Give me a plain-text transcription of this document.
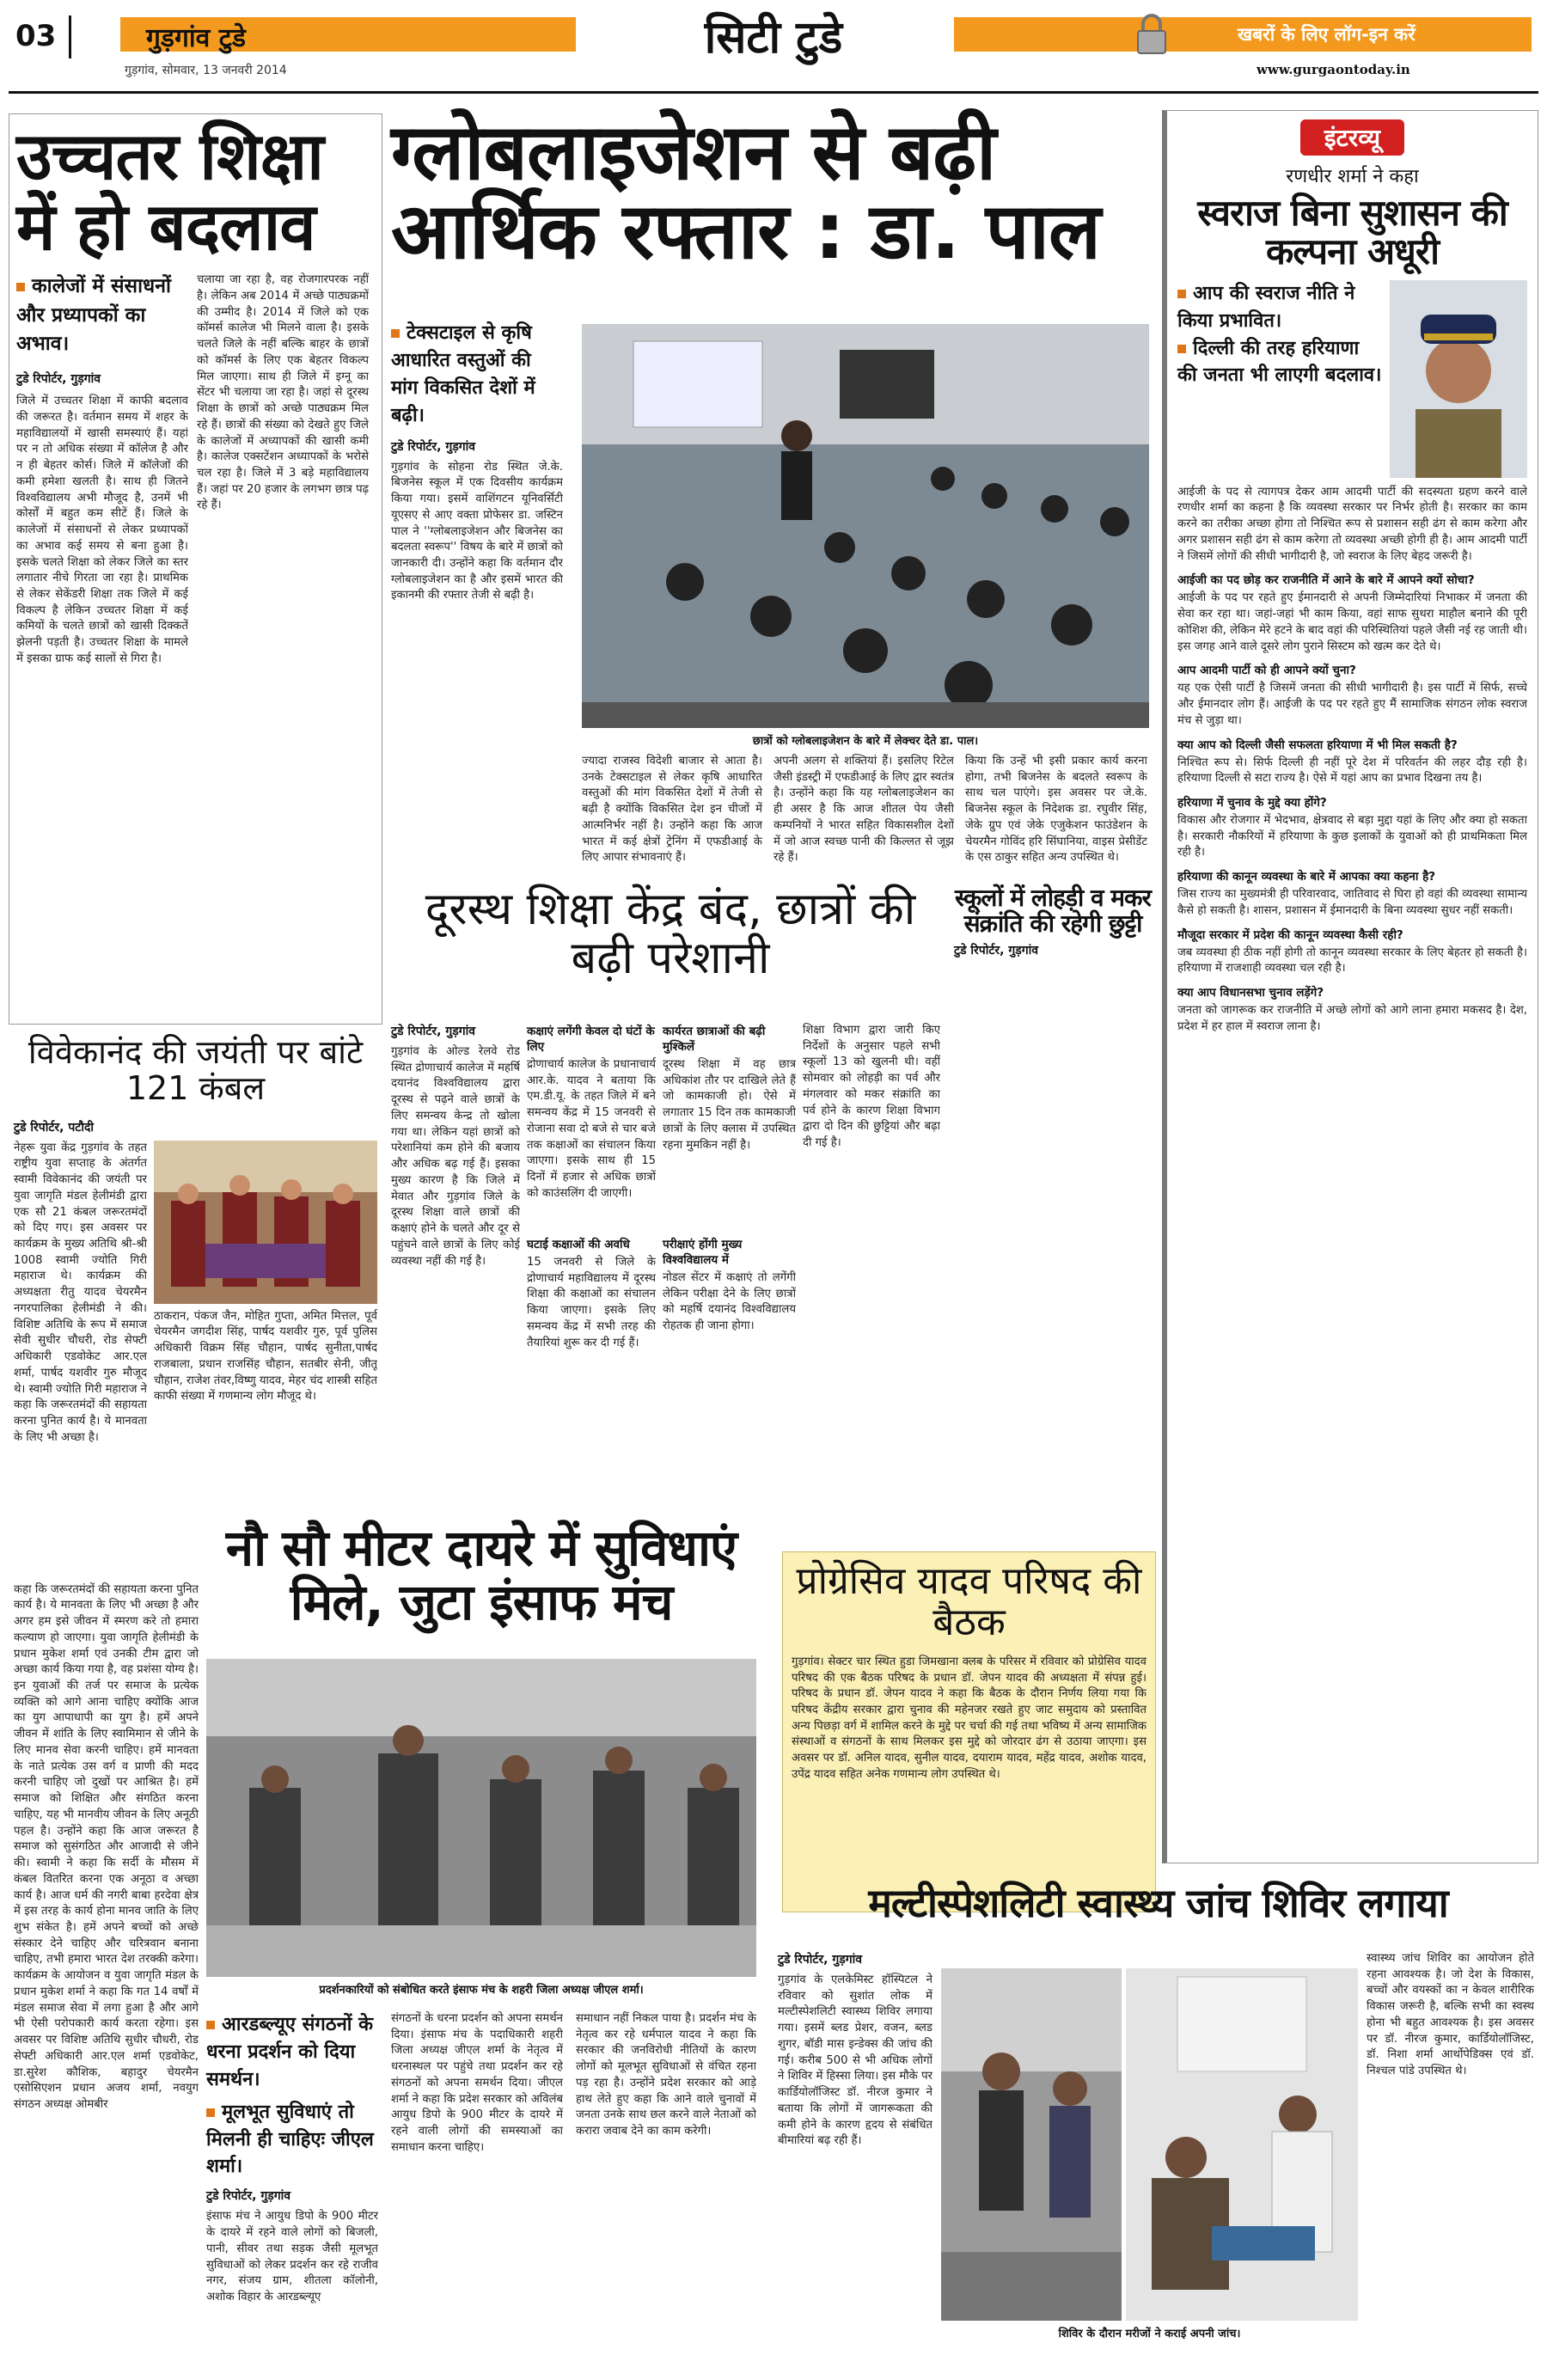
03	गुड़गांव टुडे
गुड़गांव, सोमवार, 13 जनवरी 2014
सिटी टुडे	खबरों के लिए लॉग-इन करें
www.gurgaontoday.in
उच्चतर शिक्षा में हो बदलाव
कालेजों में संसाधनों और प्रध्यापकों का अभाव।
टुडे रिपोर्टर, गुड़गांव
जिले में उच्चतर शिक्षा में काफी बदलाव की जरूरत है। वर्तमान समय में शहर के महाविद्यालयों में खासी समस्याएं हैं। यहां पर न तो अधिक संख्या में कॉलेज है और न ही बेहतर कोर्स। जिले में कॉलेजों की कमी हमेशा खलती है। साथ ही जितने विश्वविद्यालय अभी मौजूद है, उनमें भी कोर्सों में बहुत कम सीटें हैं। जिले के कालेजों में संसाधनों से लेकर प्रध्यापकों का अभाव कई समय से बना हुआ है। इसके चलते शिक्षा को लेकर जिले का स्तर लगातार नीचे गिरता जा रहा है। प्राथमिक से लेकर सेकेंडरी शिक्षा तक जिले में कई विकल्प है लेकिन उच्चतर शिक्षा में कई कमियों के चलते छात्रों को खासी दिक्कतें झेलनी पड़ती है। उच्चतर शिक्षा के मामले में इसका ग्राफ कई सालों से गिरा है।
चलाया जा रहा है, वह रोजगारपरक नहीं है। लेकिन अब 2014 में अच्छे पाठ्यक्रमों की उम्मीद है। 2014 में जिले को एक कॉमर्स कालेज भी मिलने वाला है। इसके चलते जिले के नहीं बल्कि बाहर के छात्रों को कॉमर्स के लिए एक बेहतर विकल्प मिल जाएगा। साथ ही जिले में इग्नू का सेंटर भी चलाया जा रहा है। जहां से दूरस्थ शिक्षा के छात्रों को अच्छे पाठ्यक्रम मिल रहे हैं। छात्रों की संख्या को देखते हुए जिले के कालेजों में अध्यापकों की खासी कमी है। कालेज एक्सटेंशन अध्यापकों के भरोसे चल रहा है। जिले में 3 बड़े महाविद्यालय हैं। जहां पर 20 हजार के लगभग छात्र पढ़ रहे हैं।
ग्लोबलाइजेशन से बढ़ी आर्थिक रफ्तार : डा. पाल
टेक्सटाइल से कृषि आधारित वस्तुओं की मांग विकसित देशों में बढ़ी।
टुडे रिपोर्टर, गुड़गांव
गुड़गांव के सोहना रोड स्थित जे.के. बिजनेस स्कूल में एक दिवसीय कार्यक्रम किया गया। इसमें वाशिंगटन यूनिवर्सिटी यूएसए से आए वक्ता प्रोफेसर डा. जस्टिन पाल ने ''ग्लोबलाइजेशन और बिजनेस का बदलता स्वरूप'' विषय के बारे में छात्रों को जानकारी दी। उन्होंने कहा कि वर्तमान दौर ग्लोबलाइजेशन का है और इसमें भारत की इकानमी की रफ्तार तेजी से बढ़ी है।
छात्रों को ग्लोबलाइजेशन के बारे में लेक्चर देते डा. पाल।
ज्यादा राजस्व विदेशी बाजार से आता है। उनके टेक्सटाइल से लेकर कृषि आधारित वस्तुओं की मांग विकसित देशों में तेजी से बढ़ी है क्योंकि विकसित देश इन चीजों में आत्मनिर्भर नहीं है। उन्होंने कहा कि आज भारत में कई क्षेत्रों ट्रेनिंग में एफडीआई के लिए आपार संभावनाएं हैं।
अपनी अलग से शक्तियां हैं। इसलिए रिटेल जैसी इंडस्ट्री में एफडीआई के लिए द्वार स्वतंत्र है। उन्होंने कहा कि यह ग्लोबलाइजेशन का ही असर है कि आज शीतल पेय जैसी कम्पनियों ने भारत सहित विकासशील देशों में जो आज स्वच्छ पानी की किल्लत से जूझ रहे हैं।
किया कि उन्हें भी इसी प्रकार कार्य करना होगा, तभी बिजनेस के बदलते स्वरूप के साथ चल पाएंगे। इस अवसर पर जे.के. बिजनेस स्कूल के निदेशक डा. रघुवीर सिंह, जेके ग्रुप एवं जेके एजुकेशन फाउंडेशन के चेयरमैन गोविंद हरि सिंघानिया, वाइस प्रेसीडेंट के एस ठाकुर सहित अन्य उपस्थित थे।
इंटरव्यू
रणधीर शर्मा ने कहा
स्वराज बिना सुशासन की कल्पना अधूरी
आप की स्वराज नीति ने किया प्रभावित।
दिल्ली की तरह हरियाणा की जनता भी लाएगी बदलाव।
आईजी के पद से त्यागपत्र देकर आम आदमी पार्टी की सदस्यता ग्रहण करने वाले रणधीर शर्मा का कहना है कि व्यवस्था सरकार पर निर्भर होती है। सरकार का काम करने का तरीका अच्छा होगा तो निश्चित रूप से प्रशासन सही ढंग से काम करेगा और अगर प्रशासन सही ढंग से काम करेगा तो व्यवस्था अच्छी होगी ही है। आम आदमी पार्टी ने जिसमें लोगों की सीधी भागीदारी है, जो स्वराज के लिए बेहद जरूरी है।
आईजी का पद छोड़ कर राजनीति में आने के बारे में आपने क्यों सोचा?
आईजी के पद पर रहते हुए ईमानदारी से अपनी जिम्मेदारियां निभाकर में जनता की सेवा कर रहा था। जहां-जहां भी काम किया, वहां साफ सुथरा माहौल बनाने की पूरी कोशिश की, लेकिन मेरे हटने के बाद वहां की परिस्थितियां पहले जैसी नई रह जाती थी। इस जगह आने वाले दूसरे लोग पुराने सिस्टम को खत्म कर देते थे।
आप आदमी पार्टी को ही आपने क्यों चुना?
यह एक ऐसी पार्टी है जिसमें जनता की सीधी भागीदारी है। इस पार्टी में सिर्फ, सच्चे और ईमानदार लोग हैं। आईजी के पद पर रहते हुए मैं सामाजिक संगठन लोक स्वराज मंच से जुड़ा था।
क्या आप को दिल्ली जैसी सफलता हरियाणा में भी मिल सकती है?
निश्चित रूप से। सिर्फ दिल्ली ही नहीं पूरे देश में परिवर्तन की लहर दौड़ रही है। हरियाणा दिल्ली से सटा राज्य है। ऐसे में यहां आप का प्रभाव दिखना तय है।
हरियाणा में चुनाव के मुद्दे क्या होंगे?
विकास और रोजगार में भेदभाव, क्षेत्रवाद से बड़ा मुद्दा यहां के लिए और क्या हो सकता है। सरकारी नौकरियों में हरियाणा के कुछ इलाकों के युवाओं को ही प्राथमिकता मिल रही है।
हरियाणा की कानून व्यवस्था के बारे में आपका क्या कहना है?
जिस राज्य का मुख्यमंत्री ही परिवारवाद, जातिवाद से घिरा हो वहां की व्यवस्था सामान्य कैसे हो सकती है। शासन, प्रशासन में ईमानदारी के बिना व्यवस्था सुधर नहीं सकती।
मौजूदा सरकार में प्रदेश की कानून व्यवस्था कैसी रही?
जब व्यवस्था ही ठीक नहीं होगी तो कानून व्यवस्था सरकार के लिए बेहतर हो सकती है। हरियाणा में राजशाही व्यवस्था चल रही है।
क्या आप विधानसभा चुनाव लड़ेंगे?
जनता को जागरूक कर राजनीति में अच्छे लोगों को आगे लाना हमारा मकसद है। देश, प्रदेश में हर हाल में स्वराज लाना है।
विवेकानंद की जयंती पर बांटे 121 कंबल
टुडे रिपोर्टर, पटौदी
नेहरू युवा केंद्र गुड़गांव के तहत राष्ट्रीय युवा सप्ताह के अंतर्गत स्वामी विवेकानंद की जयंती पर युवा जागृति मंडल हेलीमंडी द्वारा एक सौ 21 कंबल जरूरतमंदों को दिए गए। इस अवसर पर कार्यक्रम के मुख्य अतिथि श्री-श्री 1008 स्वामी ज्योति गिरी महाराज थे। कार्यक्रम की अध्यक्षता रीतु यादव चेयरमैन नगरपालिका हेलीमंडी ने की। विशिष्ट अतिथि के रूप में समाज सेवी सुधीर चौधरी, रोड सेफ्टी अधिकारी एडवोकेट आर.एल शर्मा, पार्षद यशवीर गुरु मौजूद थे। स्वामी ज्योति गिरी महाराज ने कहा कि जरूरतमंदों की सहायता करना पुनित कार्य है। ये मानवता के लिए भी अच्छा है।
ठाकरान, पंकज जैन, मोहित गुप्ता, अमित मित्तल, पूर्व चेयरमैन जगदीश सिंह, पार्षद यशवीर गुरु, पूर्व पुलिस अधिकारी विक्रम सिंह चौहान, पार्षद सुनीता,पार्षद राजबाला, प्रधान राजसिंह चौहान, सतबीर सेनी, जीतू चौहान, राजेश तंवर,विष्णु यादव, मेहर चंद शास्त्री सहित काफी संख्या में गणमान्य लोग मौजूद थे।
कहा कि जरूरतमंदों की सहायता करना पुनित कार्य है। ये मानवता के लिए भी अच्छा है और अगर हम इसे जीवन में स्मरण करे तो हमारा कल्याण हो जाएगा। युवा जागृति हेलीमंडी के प्रधान मुकेश शर्मा एवं उनकी टीम द्वारा जो अच्छा कार्य किया गया है, वह प्रशंसा योग्य है। इन युवाओं की तर्ज पर समाज के प्रत्येक व्यक्ति को आगे आना चाहिए क्योंकि आज का युग आपाधापी का युग है। हमें अपने जीवन में शांति के लिए स्वामिमान से जीने के लिए मानव सेवा करनी चाहिए। हमें मानवता के नाते प्रत्येक उस वर्ग व प्राणी की मदद करनी चाहिए जो दुखों पर आश्रित है। हमें समाज को शिक्षित और संगठित करना चाहिए, यह भी मानवीय जीवन के लिए अनूठी पहल है। उन्होंने कहा कि आज जरूरत है समाज को सुसंगठित और आजादी से जीने की। स्वामी ने कहा कि सर्दी के मौसम में कंबल वितरित करना एक अनूठा व अच्छा कार्य है। आज धर्म की नगरी बाबा हरदेवा क्षेत्र में इस तरह के कार्य होना मानव जाति के लिए शुभ संकेत है। हमें अपने बच्चों को अच्छे संस्कार देने चाहिए और चरित्रवान बनाना चाहिए, तभी हमारा भारत देश तरक्की करेगा। कार्यक्रम के आयोजन व युवा जागृति मंडल के प्रधान मुकेश शर्मा ने कहा कि गत 14 वर्षों में मंडल समाज सेवा में लगा हुआ है और आगे भी ऐसी परोपकारी कार्य करता रहेगा। इस अवसर पर विशिष्ट अतिथि सुधीर चौधरी, रोड सेफ्टी अधिकारी आर.एल शर्मा एडवोकेट, डा.सुरेश कौशिक, बहादुर चेयरमैन एसोसिएशन प्रधान अजय शर्मा, नवयुग संगठन अध्यक्ष ओमबीर
दूरस्थ शिक्षा केंद्र बंद, छात्रों की बढ़ी परेशानी
टुडे रिपोर्टर, गुड़गांव
गुड़गांव के ओल्ड रेलवे रोड स्थित द्रोणाचार्य कालेज में महर्षि दयानंद विश्वविद्यालय द्वारा दूरस्थ से पढ़ने वाले छात्रों के लिए समन्वय केन्द्र तो खोला गया था। लेकिन यहां छात्रों को परेशानियां कम होने की बजाय और अधिक बढ़ गई हैं। इसका मुख्य कारण है कि जिले में मेवात और गुड़गांव जिले के दूरस्थ शिक्षा वाले छात्रों की कक्षाएं होने के चलते और दूर से पहुंचने वाले छात्रों के लिए कोई व्यवस्था नहीं की गई है।
कक्षाएं लगेंगी केवल दो घंटों के लिए
द्रोणाचार्य कालेज के प्रधानाचार्य आर.के. यादव ने बताया कि एम.डी.यू. के तहत जिले में बने समन्वय केंद्र में 15 जनवरी से रोजाना सवा दो बजे से चार बजे तक कक्षाओं का संचालन किया जाएगा। इसके साथ ही 15 दिनों में हजार से अधिक छात्रों को काउंसलिंग दी जाएगी।
घटाई कक्षाओं की अवधि
15 जनवरी से जिले के द्रोणाचार्य महाविद्यालय में दूरस्थ शिक्षा की कक्षाओं का संचालन किया जाएगा। इसके लिए समन्वय केंद्र में सभी तरह की तैयारियां शुरू कर दी गई हैं।
कार्यरत छात्राओं की बढ़ी मुश्किलें
दूरस्थ शिक्षा में वह छात्र अधिकांश तौर पर दाखिले लेते हैं जो कामकाजी हो। ऐसे में लगातार 15 दिन तक कामकाजी छात्रों के लिए क्लास में उपस्थित रहना मुमकिन नहीं है।
परीक्षाएं होंगी मुख्य विश्वविद्यालय में
नोडल सेंटर में कक्षाएं तो लगेंगी लेकिन परीक्षा देने के लिए छात्रों को महर्षि दयानंद विश्वविद्यालय रोहतक ही जाना होगा।
शिक्षा विभाग द्वारा जारी किए निर्देशों के अनुसार पहले सभी स्कूलों 13 को खुलनी थी। वहीं सोमवार को लोहड़ी का पर्व और मंगलवार को मकर संक्रांति का पर्व होने के कारण शिक्षा विभाग द्वारा दो दिन की छुट्टियां और बढ़ा दी गई है।
स्कूलों में लोहड़ी व मकर संक्रांति की रहेगी छुट्टी
टुडे रिपोर्टर, गुड़गांव
नौ सौ मीटर दायरे में सुविधाएं मिले, जुटा इंसाफ मंच
प्रदर्शनकारियों को संबोधित करते इंसाफ मंच के शहरी जिला अध्यक्ष जीएल शर्मा।
आरडब्ल्यूए संगठनों के धरना प्रदर्शन को दिया समर्थन।
मूलभूत सुविधाएं तो मिलनी ही चाहिएः जीएल शर्मा।
टुडे रिपोर्टर, गुड़गांव
इंसाफ मंच ने आयुध डिपो के 900 मीटर के दायरे में रहने वाले लोगों को बिजली, पानी, सीवर तथा सड़क जैसी मूलभूत सुविधाओं को लेकर प्रदर्शन कर रहे राजीव नगर, संजय ग्राम, शीतला कॉलोनी, अशोक विहार के आरडब्ल्यूए
संगठनों के धरना प्रदर्शन को अपना समर्थन दिया। इंसाफ मंच के पदाधिकारी शहरी जिला अध्यक्ष जीएल शर्मा के नेतृत्व में धरनास्थल पर पहुंचे तथा प्रदर्शन कर रहे संगठनों को अपना समर्थन दिया। जीएल शर्मा ने कहा कि प्रदेश सरकार को अविलंब आयुध डिपो के 900 मीटर के दायरे में रहने वाली लोगों की समस्याओं का समाधान करना चाहिए।
समाधान नहीं निकल पाया है। प्रदर्शन मंच के नेतृत्व कर रहे धर्मपाल यादव ने कहा कि सरकार की जनविरोधी नीतियों के कारण लोगों को मूलभूत सुविधाओं से वंचित रहना पड़ रहा है। उन्होंने प्रदेश सरकार को आड़े हाथ लेते हुए कहा कि आने वाले चुनावों में जनता उनके साथ छल करने वाले नेताओं को करारा जवाब देने का काम करेगी।
प्रोग्रेसिव यादव परिषद की बैठक
गुड़गांव। सेक्टर चार स्थित हुडा जिमखाना क्लब के परिसर में रविवार को प्रोग्रेसिव यादव परिषद की एक बैठक परिषद के प्रधान डॉ. जेपन यादव की अध्यक्षता में संपन्न हुई। परिषद के प्रधान डॉ. जेपन यादव ने कहा कि बैठक के दौरान निर्णय लिया गया कि परिषद केंद्रीय सरकार द्वारा चुनाव की महेनजर रखते हुए जाट समुदाय को प्रस्तावित अन्य पिछड़ा वर्ग में शामिल करने के मुद्दे पर चर्चा की गई तथा भविष्य में अन्य सामाजिक संस्थाओं व संगठनों के साथ मिलकर इस मुद्दे को जोरदार ढंग से उठाया जाएगा। इस अवसर पर डॉ. अनिल यादव, सुनील यादव, दयाराम यादव, महेंद्र यादव, अशोक यादव, उपेंद्र यादव सहित अनेक गणमान्य लोग उपस्थित थे।
मल्टीस्पेशलिटी स्वास्थ्य जांच शिविर लगाया
टुडे रिपोर्टर, गुड़गांव
गुड़गांव के एलकेमिस्ट हॉस्पिटल ने रविवार को सुशांत लोक में मल्टीस्पेशलिटी स्वास्थ्य शिविर लगाया गया। इसमें ब्लड प्रेशर, वजन, ब्लड शुगर, बॉडी मास इन्डेक्स की जांच की गई। करीब 500 से भी अधिक लोगों ने शिविर में हिस्सा लिया। इस मौके पर कार्डियोलॉजिस्ट डॉ. नीरज कुमार ने बताया कि लोगों में जागरूकता की कमी होने के कारण हृदय से संबंधित बीमारियां बढ़ रही हैं।
शिविर के दौरान मरीजों ने कराई अपनी जांच।
स्वास्थ्य जांच शिविर का आयोजन होते रहना आवश्यक है। जो देश के विकास, बच्चों और वयस्कों का न केवल शारीरिक विकास जरूरी है, बल्कि सभी का स्वस्थ होना भी बहुत आवश्यक है। इस अवसर पर डॉ. नीरज कुमार, कार्डियोलॉजिस्ट, डॉ. निशा शर्मा आर्थोपेडिक्स एवं डॉ. निश्चल पांडे उपस्थित थे।
